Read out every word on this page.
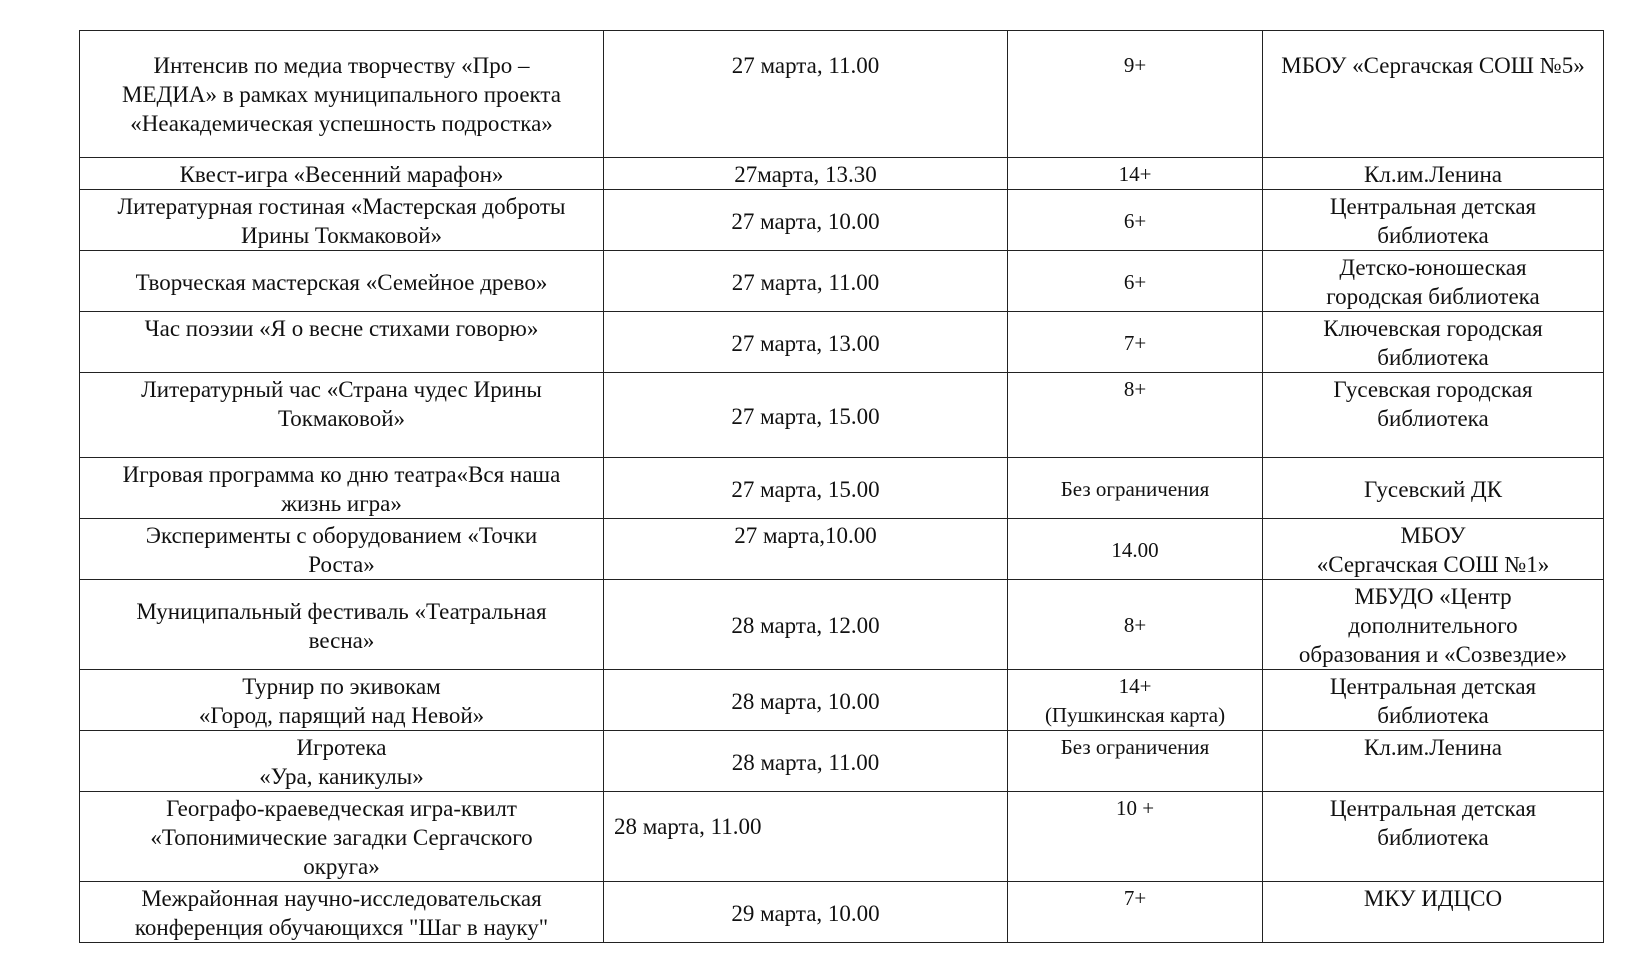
Интенсив по медиа творчеству «Про –
МЕДИА» в рамках муниципального проекта
«Неакадемическая успешность подростка»	27 марта, 11.00	9+	МБОУ «Сергачская СОШ №5»

Квест-игра «Весенний марафон»	27марта, 13.30	14+	Кл.им.Ленина

Литературная гостиная «Мастерская доброты
Ирины Токмаковой»	27 марта, 10.00	6+	Центральная детская
библиотека

Творческая мастерская «Семейное древо»	27 марта, 11.00	6+	Детско-юношеская
городская библиотека

Час поэзии «Я о весне стихами говорю»	27 марта, 13.00	7+	Ключевская городская
библиотека

Литературный час «Страна чудес Ирины
Токмаковой»	27 марта, 15.00	8+	Гусевская городская
библиотека

Игровая программа ко дню театра«Вся наша
жизнь игра»	27 марта, 15.00	Без ограничения	Гусевский ДК

Эксперименты с оборудованием «Точки
Роста»	27 марта,10.00	14.00	МБОУ
«Сергачская СОШ №1»

Муниципальный фестиваль «Театральная
весна»	28 марта, 12.00	8+	МБУДО «Центр
дополнительного
образования и «Созвездие»

Турнир по экивокам
«Город, парящий над Невой»	28 марта, 10.00	14+
(Пушкинская карта)	Центральная детская
библиотека

Игротека
«Ура, каникулы»	28 марта, 11.00	Без ограничения	Кл.им.Ленина

Географо-краеведческая игра-квилт
«Топонимические загадки Сергачского
округа»	28 марта, 11.00	10 +	Центральная детская
библиотека

Межрайонная научно-исследовательская
конференция обучающихся "Шаг в науку"	29 марта, 10.00	7+	МКУ ИДЦСО
